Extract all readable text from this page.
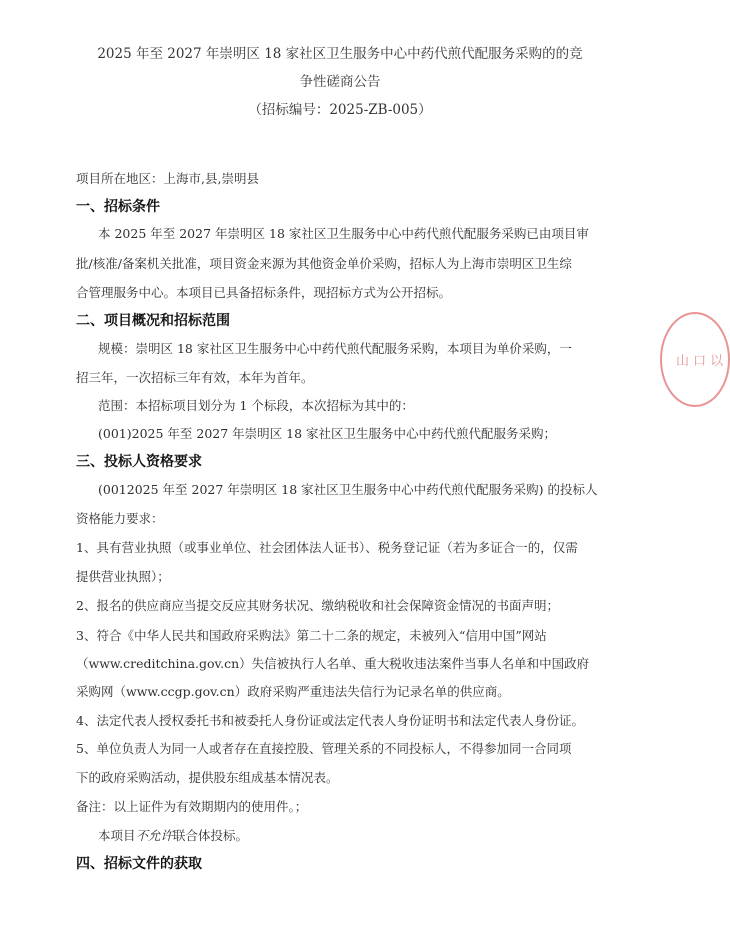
2025 年至 2027 年崇明区 18 家社区卫生服务中心中药代煎代配服务采购的的竞
争性磋商公告
（招标编号：2025-ZB-005）
项目所在地区：上海市,县,崇明县
一、招标条件
本 2025 年至 2027 年崇明区 18 家社区卫生服务中心中药代煎代配服务采购已由项目审
批/核准/备案机关批准，项目资金来源为其他资金单价采购，招标人为上海市崇明区卫生综
合管理服务中心。本项目已具备招标条件，现招标方式为公开招标。
二、项目概况和招标范围
规模：崇明区 18 家社区卫生服务中心中药代煎代配服务采购，本项目为单价采购，一
招三年，一次招标三年有效，本年为首年。
范围：本招标项目划分为 1 个标段，本次招标为其中的：
(001)2025 年至 2027 年崇明区 18 家社区卫生服务中心中药代煎代配服务采购；
三、投标人资格要求
(0012025 年至 2027 年崇明区 18 家社区卫生服务中心中药代煎代配服务采购) 的投标人
资格能力要求：
1、具有营业执照（或事业单位、社会团体法人证书）、税务登记证（若为多证合一的，仅需
提供营业执照）；
2、报名的供应商应当提交反应其财务状况、缴纳税收和社会保障资金情况的书面声明；
3、符合《中华人民共和国政府采购法》第二十二条的规定，未被列入“信用中国”网站
（www.creditchina.gov.cn）失信被执行人名单、重大税收违法案件当事人名单和中国政府
采购网（www.ccgp.gov.cn）政府采购严重违法失信行为记录名单的供应商。
4、法定代表人授权委托书和被委托人身份证或法定代表人身份证明书和法定代表人身份证。
5、单位负责人为同一人或者存在直接控股、管理关系的不同投标人，不得参加同一合同项
下的政府采购活动，提供股东组成基本情况表。
备注：以上证件为有效期期内的使用件。；
本项目不允许联合体投标。
四、招标文件的获取
山 口 以
